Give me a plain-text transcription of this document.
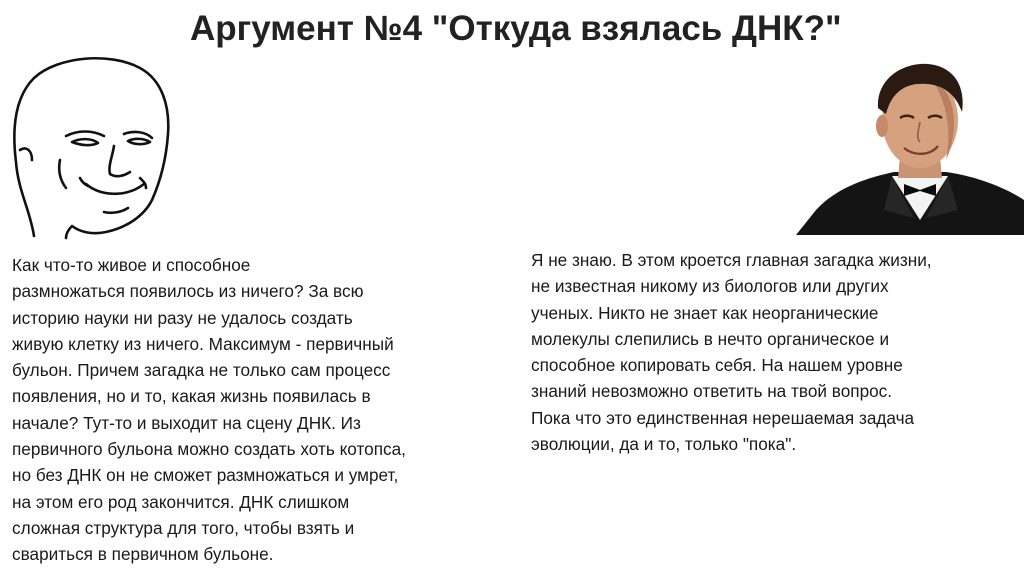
Аргумент №4 "Откуда взялась ДНК?"
Как что-то живое и способное
размножаться появилось из ничего? За всю
историю науки ни разу не удалось создать
живую клетку из ничего. Максимум - первичный
бульон. Причем загадка не только сам процесс
появления, но и то, какая жизнь появилась в
начале? Тут-то и выходит на сцену ДНК. Из
первичного бульона можно создать хоть котопса,
но без ДНК он не сможет размножаться и умрет,
на этом его род закончится. ДНК слишком
сложная структура для того, чтобы взять и
свариться в первичном бульоне.
Я не знаю. В этом кроется главная загадка жизни,
не известная никому из биологов или других
ученых. Никто не знает как неорганические
молекулы слепились в нечто органическое и
способное копировать себя. На нашем уровне
знаний невозможно ответить на твой вопрос.
Пока что это единственная нерешаемая задача
эволюции, да и то, только "пока".
